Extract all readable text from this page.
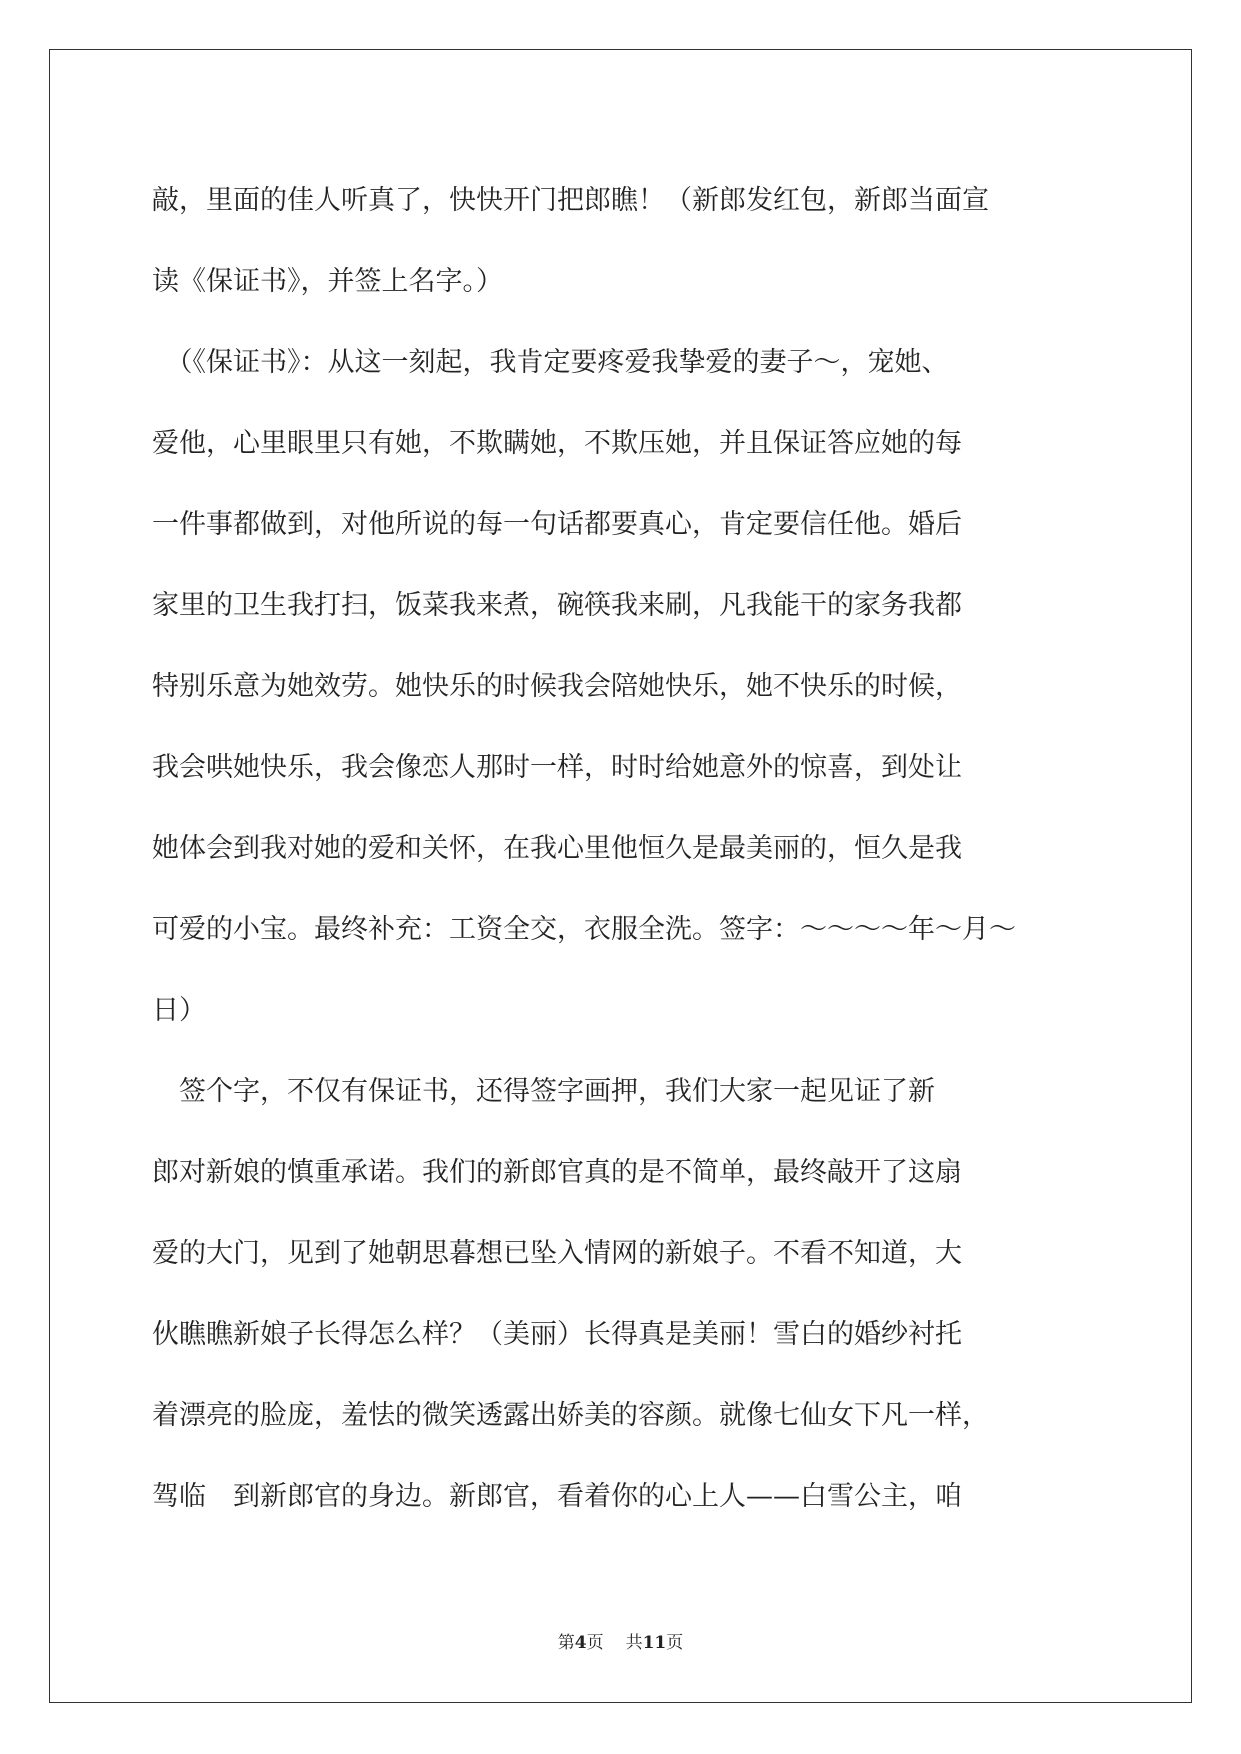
敲，里面的佳人听真了，快快开门把郎瞧！（新郎发红包，新郎当面宣
读《保证书》，并签上名字。）
　（《保证书》：从这一刻起，我肯定要疼爱我挚爱的妻子～，宠她、
爱他，心里眼里只有她，不欺瞒她，不欺压她，并且保证答应她的每
一件事都做到，对他所说的每一句话都要真心，肯定要信任他。婚后
家里的卫生我打扫，饭菜我来煮，碗筷我来刷，凡我能干的家务我都
特别乐意为她效劳。她快乐的时候我会陪她快乐，她不快乐的时候，
我会哄她快乐，我会像恋人那时一样，时时给她意外的惊喜，到处让
她体会到我对她的爱和关怀，在我心里他恒久是最美丽的，恒久是我
可爱的小宝。最终补充：工资全交，衣服全洗。签字：～～～～年～月～
日）
　签个字，不仅有保证书，还得签字画押，我们大家一起见证了新
郎对新娘的慎重承诺。我们的新郎官真的是不简单，最终敲开了这扇
爱的大门，见到了她朝思暮想已坠入情网的新娘子。不看不知道，大
伙瞧瞧新娘子长得怎么样？（美丽）长得真是美丽！雪白的婚纱衬托
着漂亮的脸庞，羞怯的微笑透露出娇美的容颜。就像七仙女下凡一样，
驾临　到新郎官的身边。新郎官，看着你的心上人——白雪公主，咱
第4页 共11页
